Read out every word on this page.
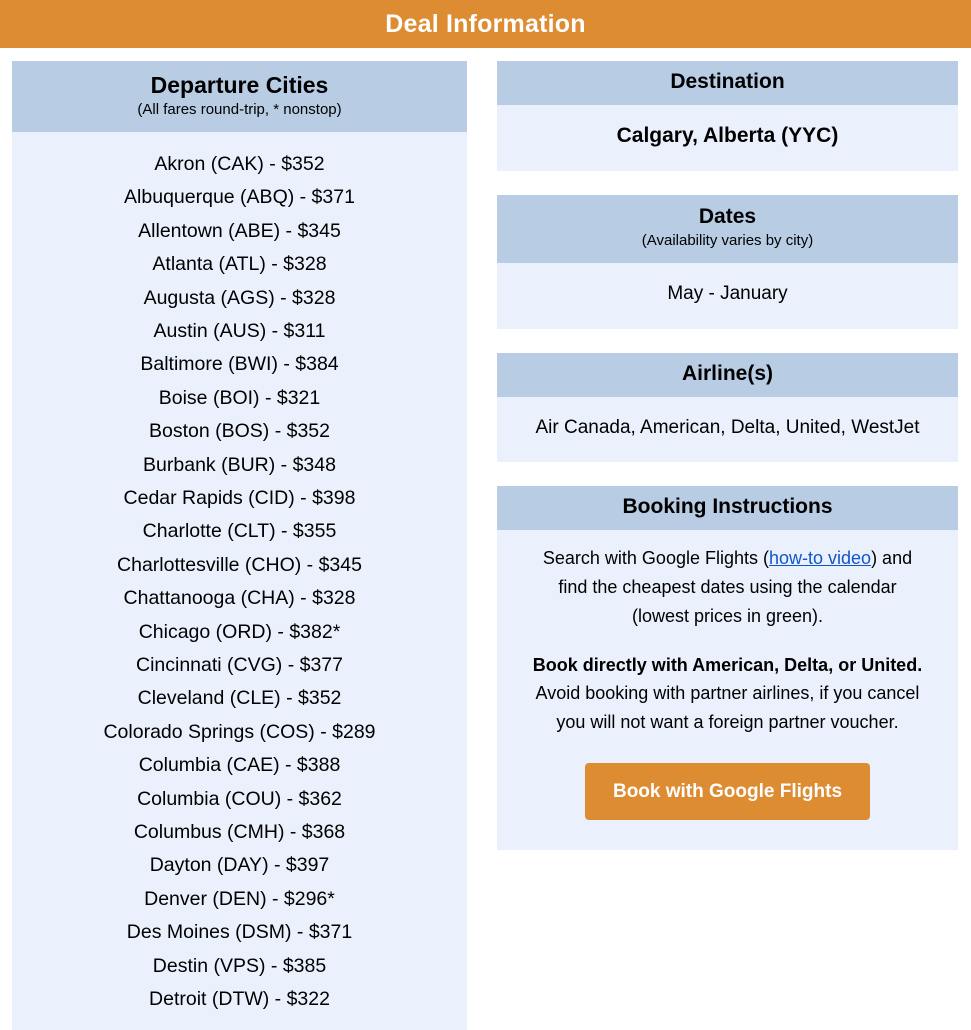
Deal Information
Departure Cities
(All fares round-trip, * nonstop)
Akron (CAK) - $352
Albuquerque (ABQ) - $371
Allentown (ABE) - $345
Atlanta (ATL) - $328
Augusta (AGS) - $328
Austin (AUS) - $311
Baltimore (BWI) - $384
Boise (BOI) - $321
Boston (BOS) - $352
Burbank (BUR) - $348
Cedar Rapids (CID) - $398
Charlotte (CLT) - $355
Charlottesville (CHO) - $345
Chattanooga (CHA) - $328
Chicago (ORD) - $382*
Cincinnati (CVG) - $377
Cleveland (CLE) - $352
Colorado Springs (COS) - $289
Columbia (CAE) - $388
Columbia (COU) - $362
Columbus (CMH) - $368
Dayton (DAY) - $397
Denver (DEN) - $296*
Des Moines (DSM) - $371
Destin (VPS) - $385
Detroit (DTW) - $322
Destination
Calgary, Alberta (YYC)
Dates
(Availability varies by city)
May - January
Airline(s)
Air Canada, American, Delta, United, WestJet
Booking Instructions

Search with Google Flights (how-to video) and find the cheapest dates using the calendar (lowest prices in green).

Book directly with American, Delta, or United. Avoid booking with partner airlines, if you cancel you will not want a foreign partner voucher.

Book with Google Flights
